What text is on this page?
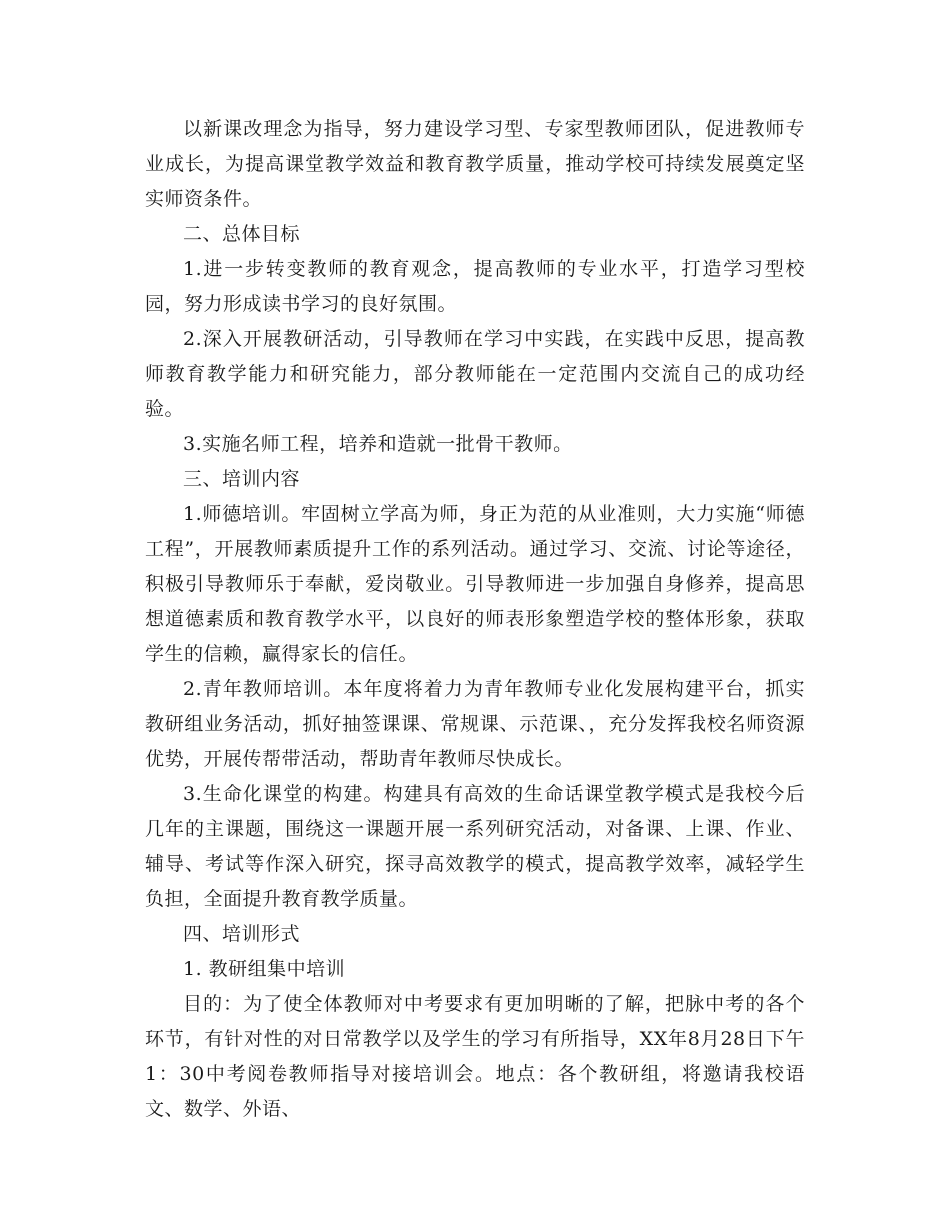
以新课改理念为指导，努力建设学习型、专家型教师团队，促进教师专业成长，为提高课堂教学效益和教育教学质量，推动学校可持续发展奠定坚实师资条件。

二、总体目标

1.进一步转变教师的教育观念，提高教师的专业水平，打造学习型校园，努力形成读书学习的良好氛围。

2.深入开展教研活动，引导教师在学习中实践，在实践中反思，提高教师教育教学能力和研究能力，部分教师能在一定范围内交流自己的成功经验。

3.实施名师工程，培养和造就一批骨干教师。

三、培训内容

1.师德培训。牢固树立学高为师，身正为范的从业准则，大力实施“师德工程”，开展教师素质提升工作的系列活动。通过学习、交流、讨论等途径，积极引导教师乐于奉献，爱岗敬业。引导教师进一步加强自身修养，提高思想道德素质和教育教学水平，以良好的师表形象塑造学校的整体形象，获取学生的信赖，赢得家长的信任。

2.青年教师培训。本年度将着力为青年教师专业化发展构建平台，抓实教研组业务活动，抓好抽签课课、常规课、示范课、，充分发挥我校名师资源优势，开展传帮带活动，帮助青年教师尽快成长。

3.生命化课堂的构建。构建具有高效的生命话课堂教学模式是我校今后几年的主课题，围绕这一课题开展一系列研究活动，对备课、上课、作业、辅导、考试等作深入研究，探寻高效教学的模式，提高教学效率，减轻学生负担，全面提升教育教学质量。

四、培训形式

1. 教研组集中培训

目的：为了使全体教师对中考要求有更加明晰的了解，把脉中考的各个环节，有针对性的对日常教学以及学生的学习有所指导，XX年8月28日下午1：30中考阅卷教师指导对接培训会。地点：各个教研组，将邀请我校语文、数学、外语、
